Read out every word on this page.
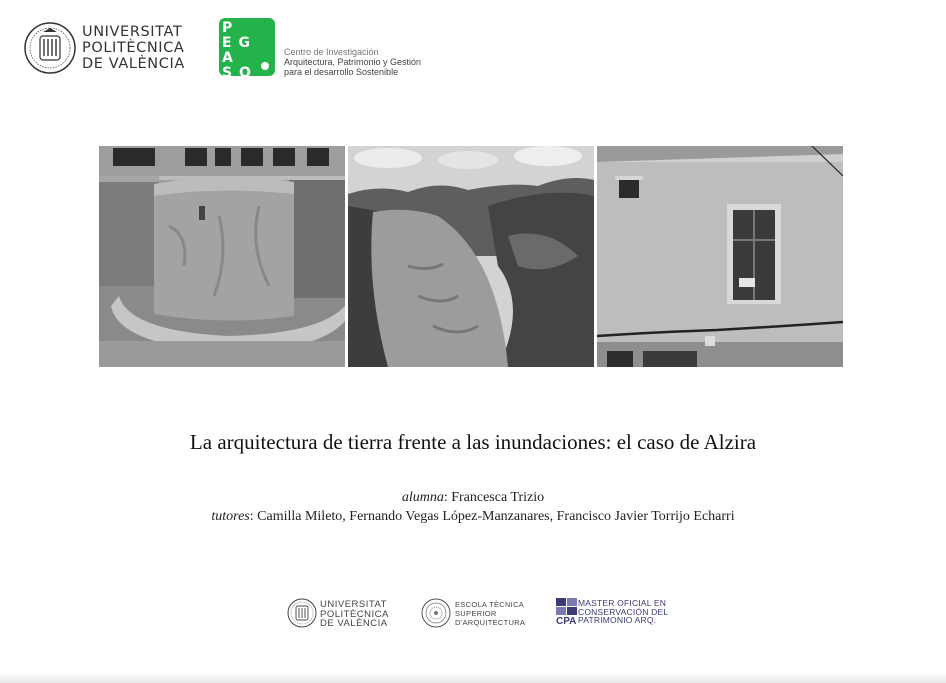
UNIVERSITAT
POLITÈCNICA
DE VALÈNCIA
P
E G
A
S O
Centro de Investigación
Arquitectura, Patrimonio y Gestión
para el desarrollo Sostenible
La arquitectura de tierra frente a las inundaciones: el caso de Alzira
alumna: Francesca Trizio
tutores: Camilla Mileto, Fernando Vegas López-Manzanares, Francisco Javier Torrijo Echarri
UNIVERSITAT
POLITÈCNICA
DE VALÈNCIA
ESCOLA TÈCNICA
SUPERIOR
D'ARQUITECTURA	CPA
MASTER OFICIAL EN
CONSERVACIÓN DEL
PATRIMONIO ARQ.
